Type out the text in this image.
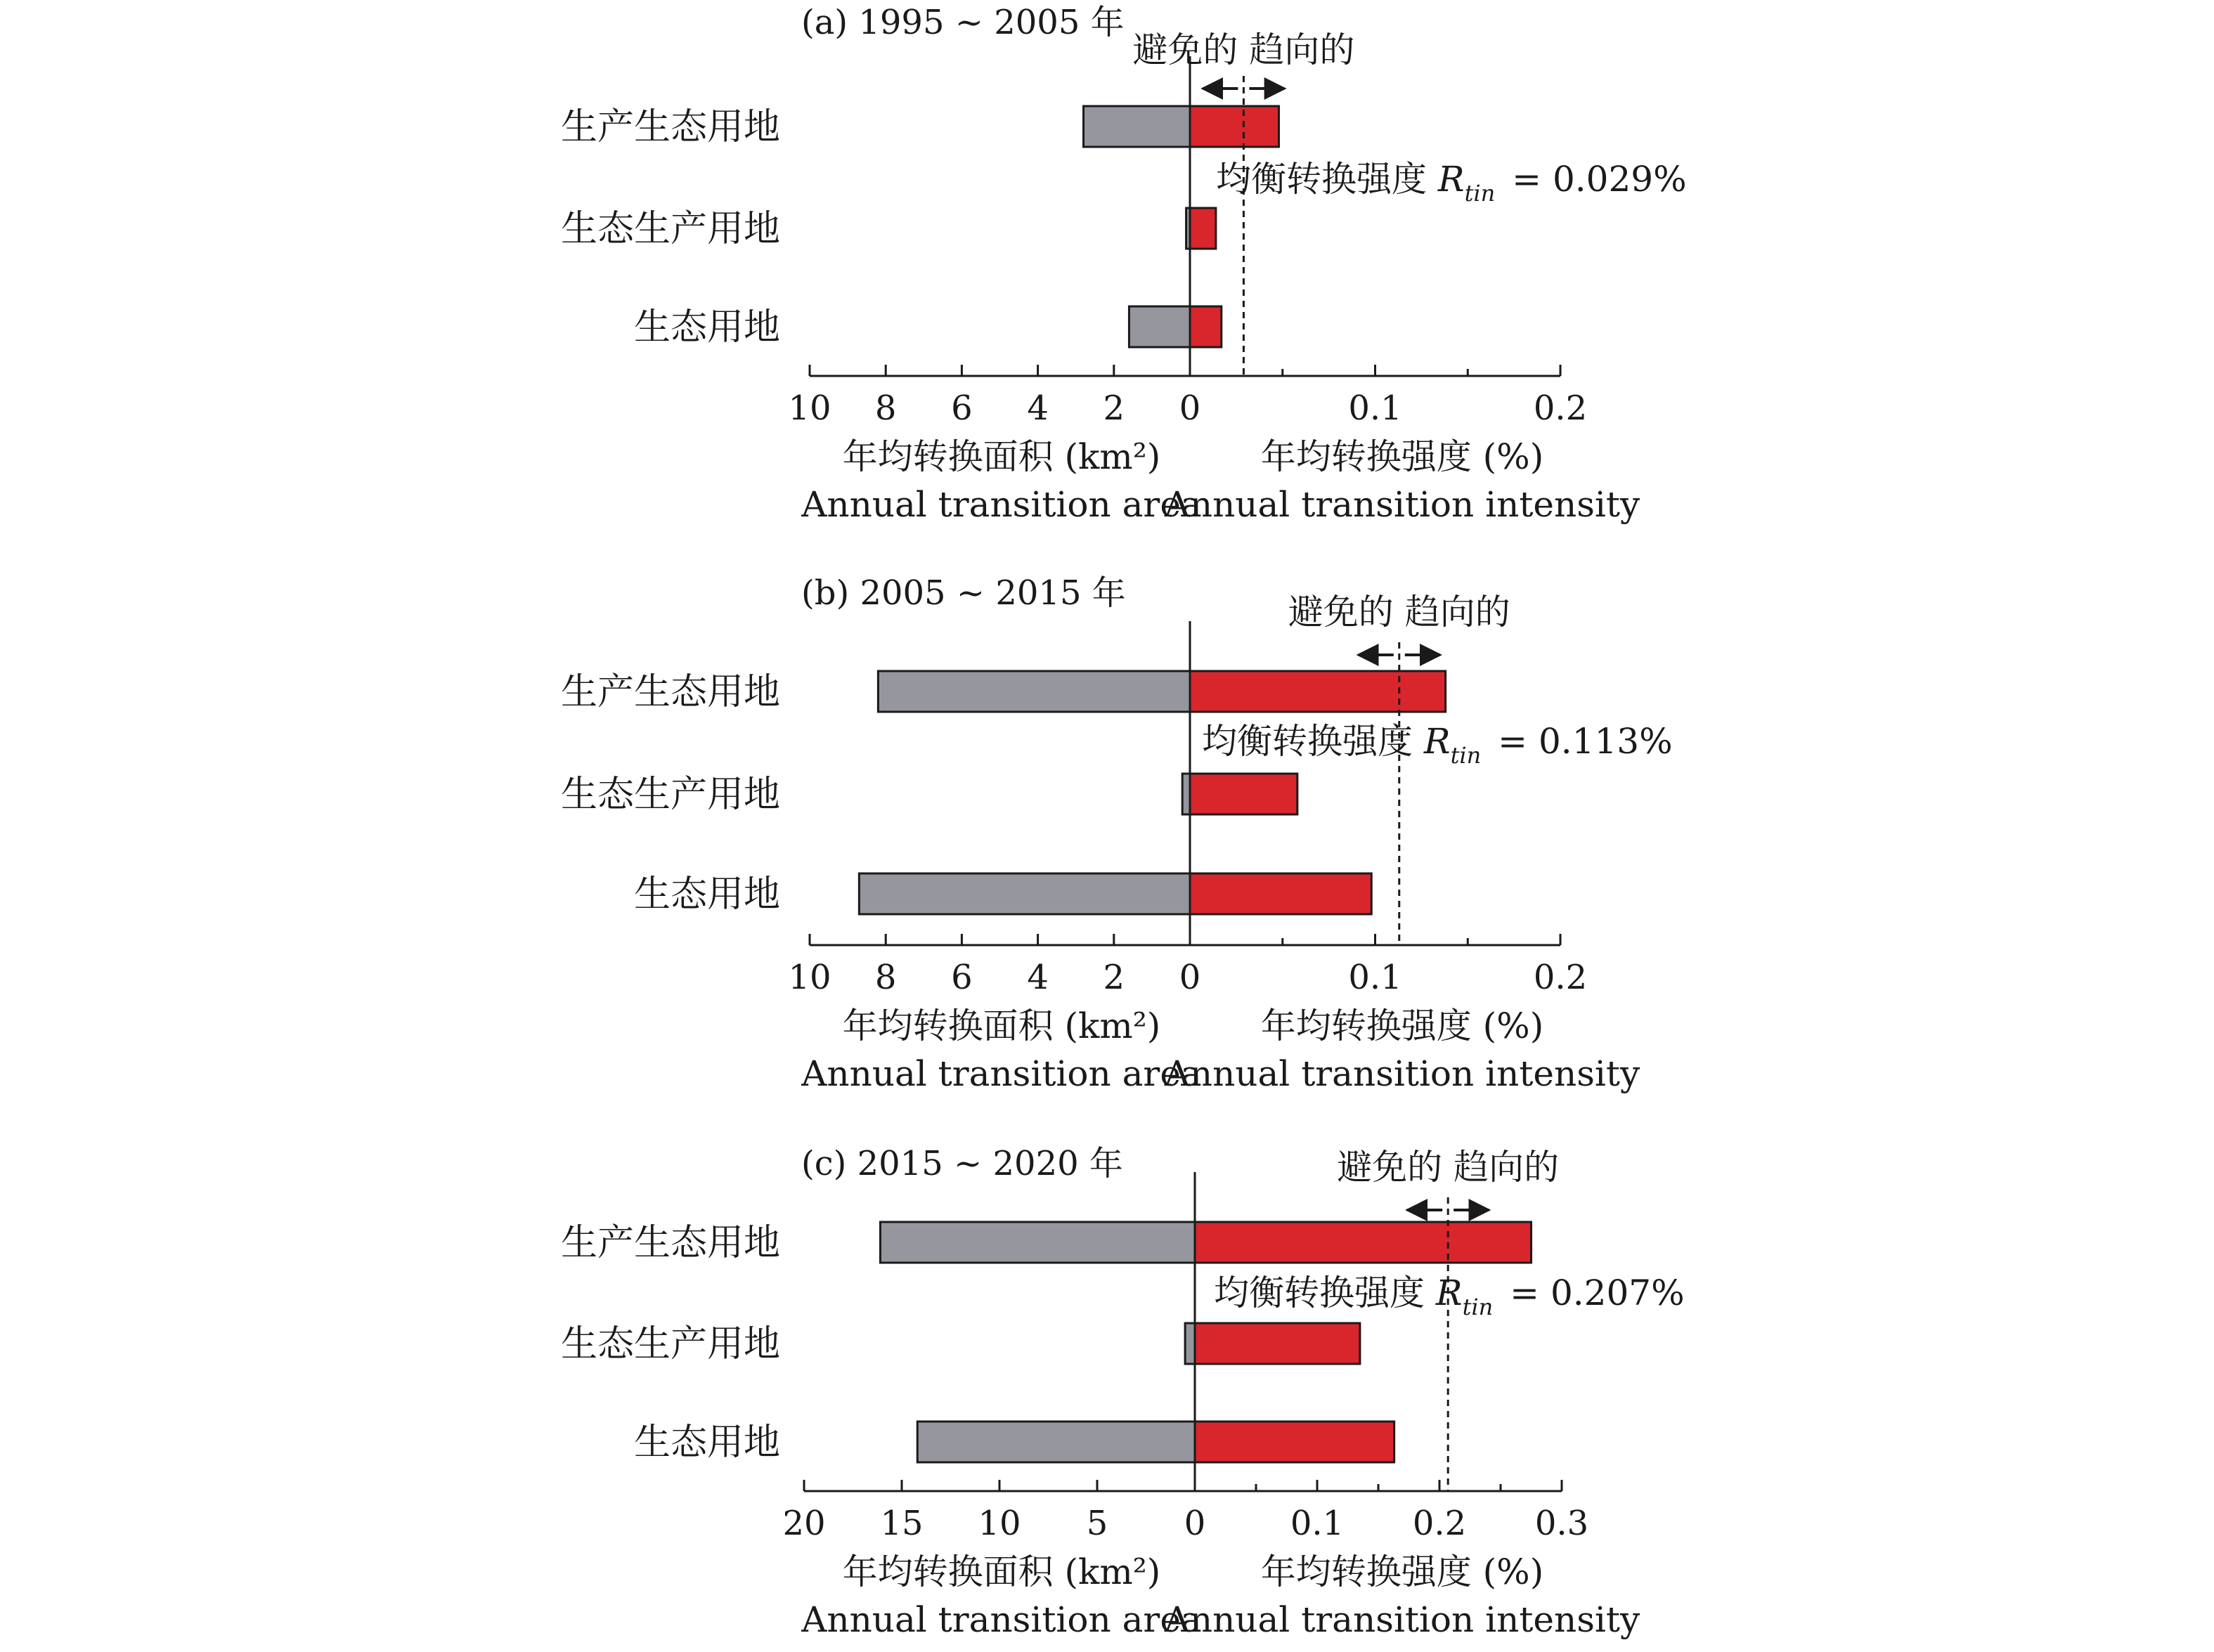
(a) 1995 ~ 2005 年
生产生态用地
生态生产用地
生态用地
10 8 6 4 2 0	0.1	0.2
年均转换面积 (km²)
Annual transition area
年均转换强度 (%)
Annual transition intensity
避免的 趋向的
均衡转换强度 $R_{tin} = 0.029\%$
(b) 2005 ~ 2015 年
生产生态用地
生态生产用地
生态用地
10 8 6 4 2 0	0.1	0.2
年均转换面积 (km²)
Annual transition area
年均转换强度 (%)
Annual transition intensity
避免的 趋向的
均衡转换强度 $R_{tin} = 0.113\%$
(c) 2015 ~ 2020 年
生产生态用地
生态生产用地
生态用地
20 15 10 5 0	0.1 0.2 0.3
年均转换面积 (km²)
Annual transition area
年均转换强度 (%)
Annual transition intensity
避免的 趋向的
均衡转换强度 $R_{tin} = 0.207\%$
